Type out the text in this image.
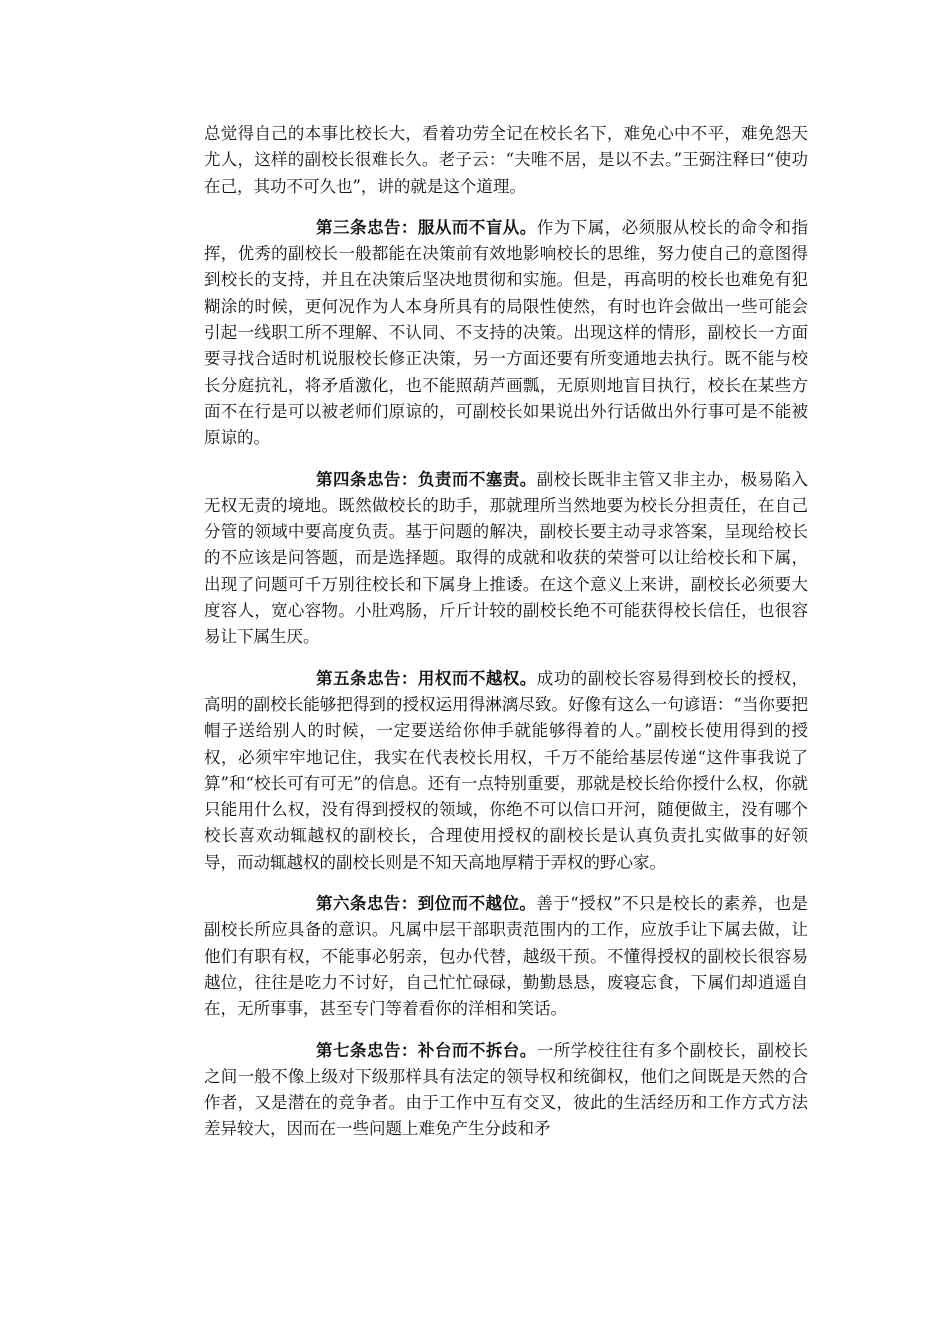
总觉得自己的本事比校长大，看着功劳全记在校长名下，难免心中不平，难免怨天尤人，这样的副校长很难长久。老子云：“夫唯不居，是以不去。”王弼注释曰“使功在己，其功不可久也”，讲的就是这个道理。

第三条忠告：服从而不盲从。作为下属，必须服从校长的命令和指挥，优秀的副校长一般都能在决策前有效地影响校长的思维，努力使自己的意图得到校长的支持，并且在决策后坚决地贯彻和实施。但是，再高明的校长也难免有犯糊涂的时候，更何况作为人本身所具有的局限性使然，有时也许会做出一些可能会引起一线职工所不理解、不认同、不支持的决策。出现这样的情形，副校长一方面要寻找合适时机说服校长修正决策，另一方面还要有所变通地去执行。既不能与校长分庭抗礼，将矛盾激化，也不能照葫芦画瓢，无原则地盲目执行，校长在某些方面不在行是可以被老师们原谅的，可副校长如果说出外行话做出外行事可是不能被原谅的。

第四条忠告：负责而不塞责。副校长既非主管又非主办，极易陷入无权无责的境地。既然做校长的助手，那就理所当然地要为校长分担责任，在自己分管的领域中要高度负责。基于问题的解决，副校长要主动寻求答案，呈现给校长的不应该是问答题，而是选择题。取得的成就和收获的荣誉可以让给校长和下属，出现了问题可千万别往校长和下属身上推诿。在这个意义上来讲，副校长必须要大度容人，宽心容物。小肚鸡肠，斤斤计较的副校长绝不可能获得校长信任，也很容易让下属生厌。

第五条忠告：用权而不越权。成功的副校长容易得到校长的授权，高明的副校长能够把得到的授权运用得淋漓尽致。好像有这么一句谚语：“当你要把帽子送给别人的时候，一定要送给你伸手就能够得着的人。”副校长使用得到的授权，必须牢牢地记住，我实在代表校长用权，千万不能给基层传递“这件事我说了算”和“校长可有可无”的信息。还有一点特别重要，那就是校长给你授什么权，你就只能用什么权，没有得到授权的领域，你绝不可以信口开河，随便做主，没有哪个校长喜欢动辄越权的副校长，合理使用授权的副校长是认真负责扎实做事的好领导，而动辄越权的副校长则是不知天高地厚精于弄权的野心家。

第六条忠告：到位而不越位。善于“授权”不只是校长的素养，也是副校长所应具备的意识。凡属中层干部职责范围内的工作，应放手让下属去做，让他们有职有权，不能事必躬亲，包办代替，越级干预。不懂得授权的副校长很容易越位，往往是吃力不讨好，自己忙忙碌碌，勤勤恳恳，废寝忘食，下属们却逍遥自在，无所事事，甚至专门等着看你的洋相和笑话。

第七条忠告：补台而不拆台。一所学校往往有多个副校长，副校长之间一般不像上级对下级那样具有法定的领导权和统御权，他们之间既是天然的合作者，又是潜在的竞争者。由于工作中互有交叉，彼此的生活经历和工作方式方法差异较大，因而在一些问题上难免产生分歧和矛
